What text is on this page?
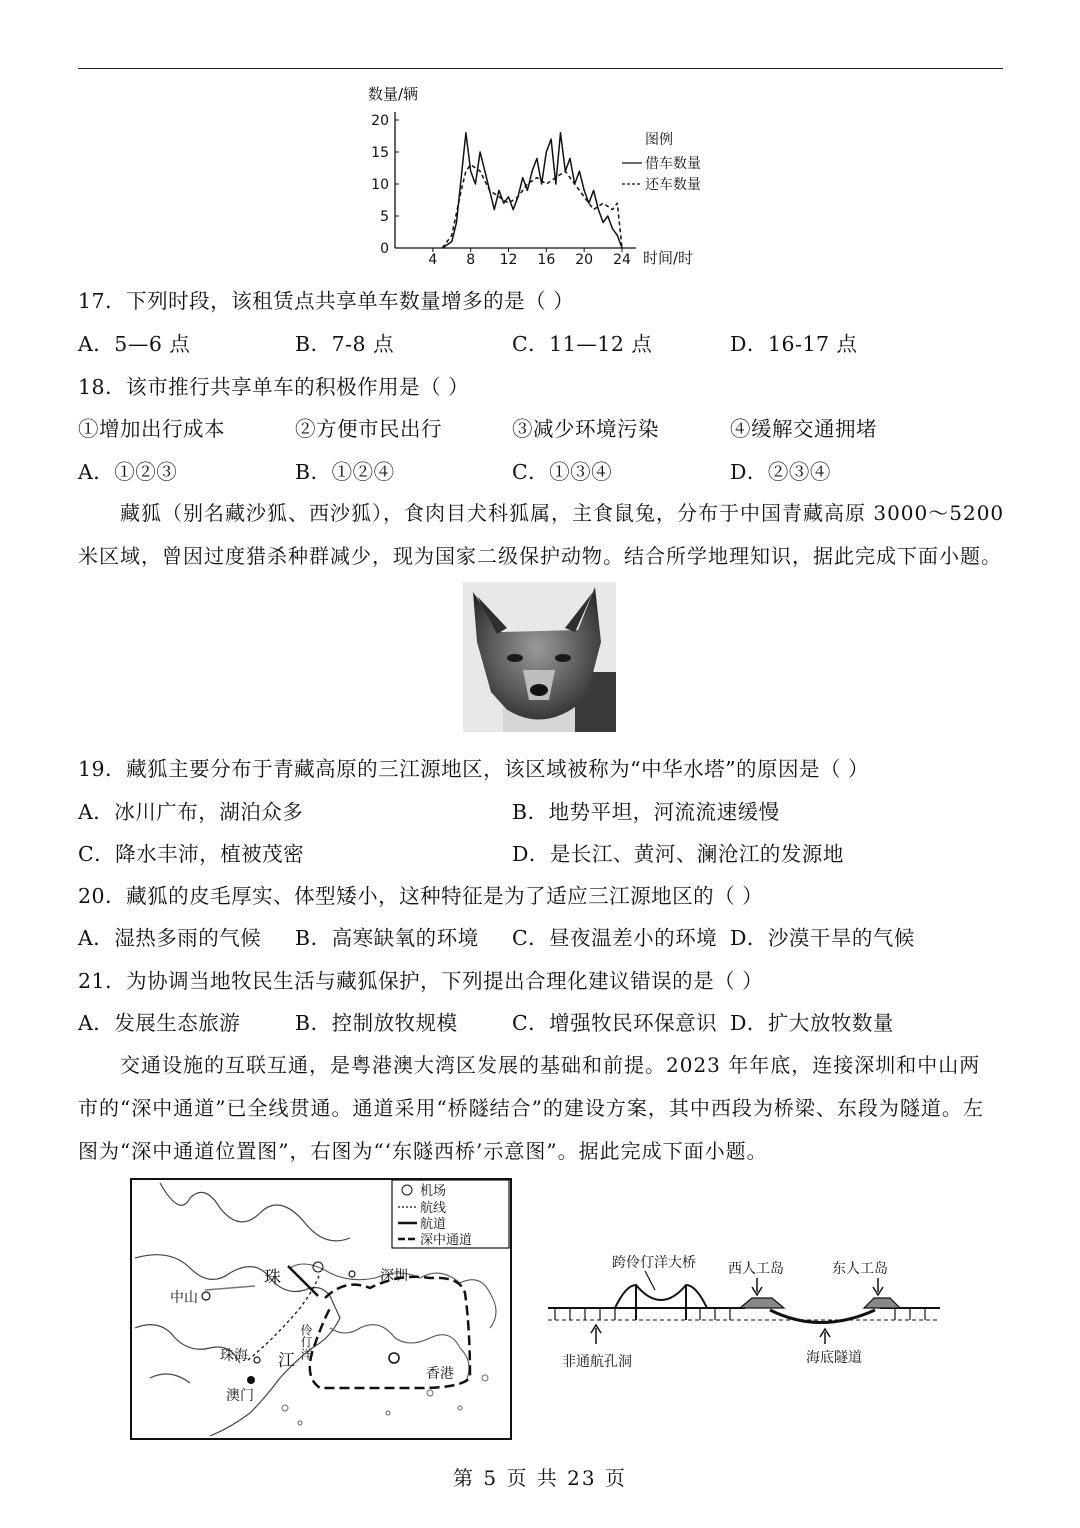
数量/辆
时间/时
图例
借车数量
还车数量
4 8 12 16 20 24
0
5
10
15
20
17．下列时段，该租赁点共享单车数量增多的是（ ）
A．5—6 点	B．7-8 点	C．11—12 点	D．16-17 点
18．该市推行共享单车的积极作用是（ ）
①增加出行成本	②方便市民出行	③减少环境污染	④缓解交通拥堵
A．①②③	B．①②④	C．①③④	D．②③④
藏狐（别名藏沙狐、西沙狐），食肉目犬科狐属，主食鼠兔，分布于中国青藏高原 3000～5200
米区域，曾因过度猎杀种群减少，现为国家二级保护动物。结合所学地理知识，据此完成下面小题。
19．藏狐主要分布于青藏高原的三江源地区，该区域被称为“中华水塔”的原因是（ ）
A．冰川广布，湖泊众多	B．地势平坦，河流流速缓慢
C．降水丰沛，植被茂密	D．是长江、黄河、澜沧江的发源地
20．藏狐的皮毛厚实、体型矮小，这种特征是为了适应三江源地区的（ ）
A．湿热多雨的气候 B．高寒缺氧的环境 C．昼夜温差小的环境 D．沙漠干旱的气候
21．为协调当地牧民生活与藏狐保护，下列提出合理化建议错误的是（ ）
A．发展生态旅游	B．控制放牧规模	C．增强牧民环保意识 D．扩大放牧数量
交通设施的互联互通，是粤港澳大湾区发展的基础和前提。2023 年年底，连接深圳和中山两
市的“深中通道”已全线贯通。通道采用“桥隧结合”的建设方案，其中西段为桥梁、东段为隧道。左
图为“深中通道位置图”，右图为“‘东隧西桥’示意图”。据此完成下面小题。
机场
航线
航道
深中通道
中山
深圳
珠海
澳门
香港
珠
江
伶仃洋
跨伶仃洋大桥 西人工岛	东人工岛
非通航孔洞	海底隧道
第 5 页 共 23 页
